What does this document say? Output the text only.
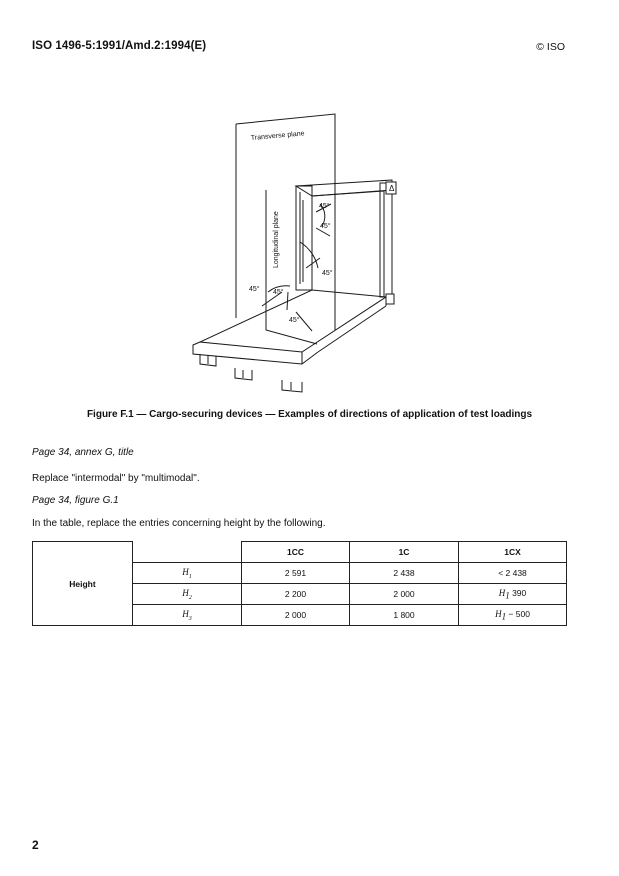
ISO 1496-5:1991/Amd.2:1994(E)	© ISO
Transverse plane
Longitudinal plane
45°
45°
45°
45° 45°
45°
Δ
Figure F.1 — Cargo-securing devices — Examples of directions of application of test loadings
Page 34, annex G, title
Replace "intermodal" by "multimodal".
Page 34, figure G.1
In the table, replace the entries concerning height by the following.
Height		1CC	1C	1CX
	$H_1$	2 591	2 438	< 2 438
	$H_2$	2 200	2 000	$H_1$ 390
	$H_3$	2 000	1 800	$H_1 - 500$
2
